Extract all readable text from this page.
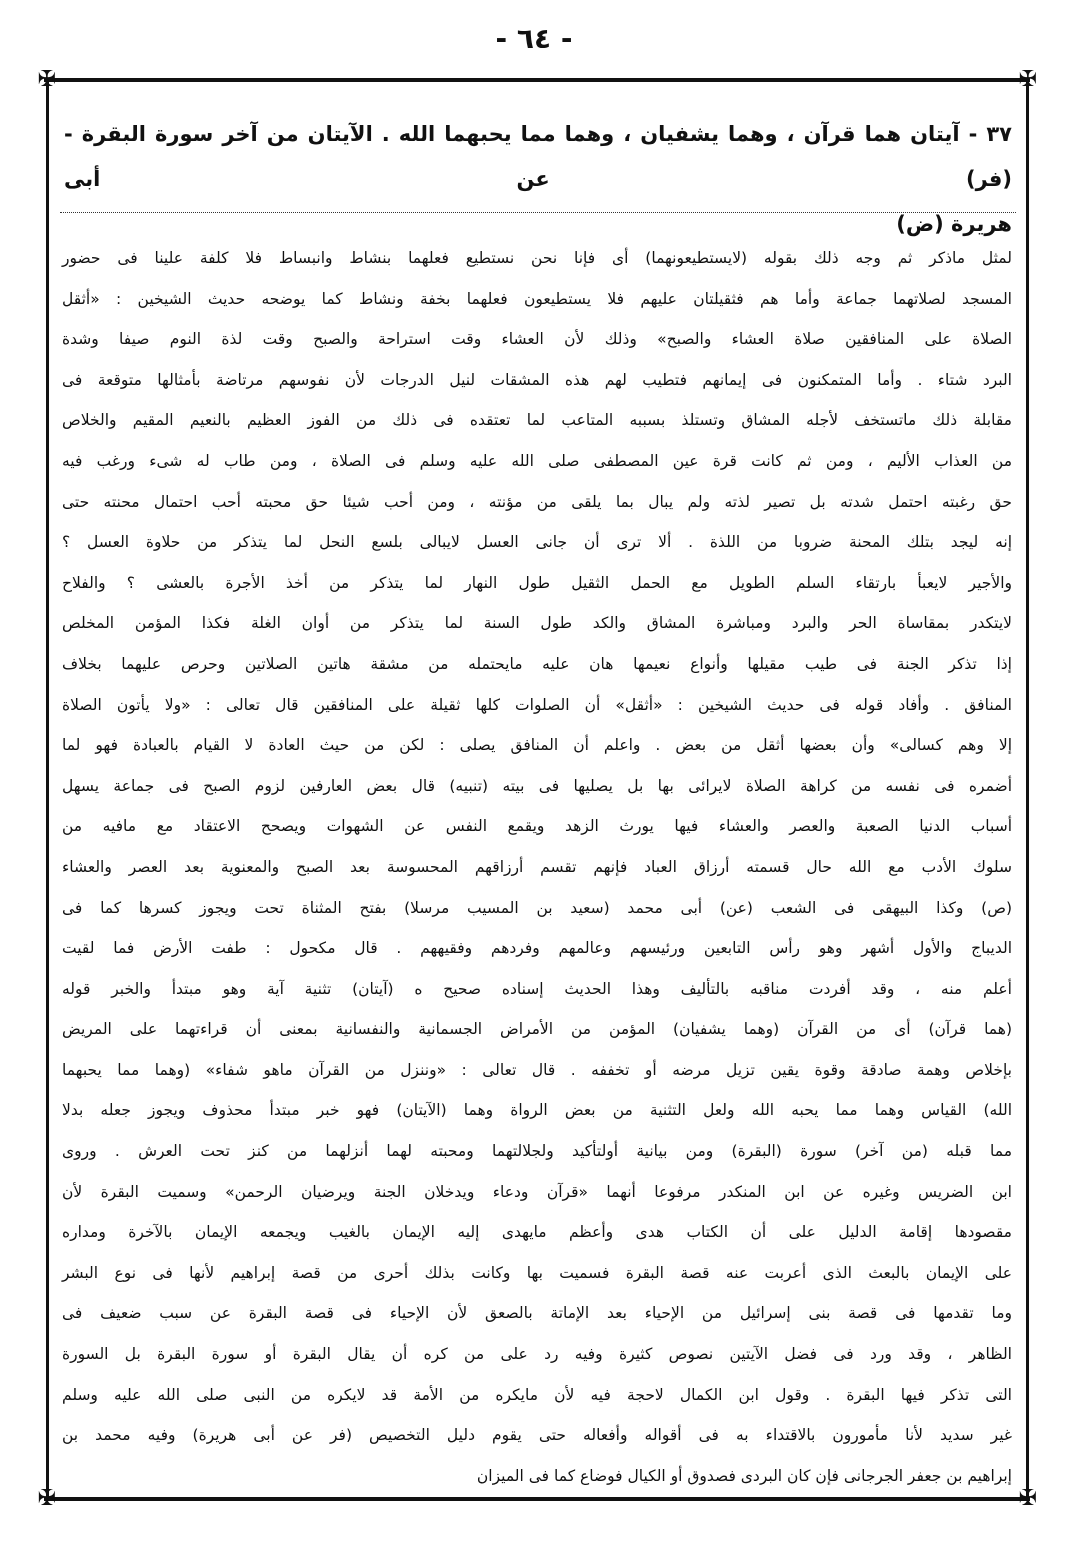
- ٦٤ -
✠	✠
✠	✠
٣٧ - آيتان هما قرآن ، وهما يشفيان ، وهما مما يحبهما الله . الآيتان من آخر سورة البقرة - (فر) عن أبى
هريرة (ض)
لمثل ماذكر ثم وجه ذلك بقوله (لايستطيعونهما) أى فإنا نحن نستطيع فعلهما بنشاط وانبساط فلا كلفة علينا فى حضور
المسجد لصلاتهما جماعة وأما هم فثقيلتان عليهم فلا يستطيعون فعلهما بخفة ونشاط كما يوضحه حديث الشيخين : «أثقل
الصلاة على المنافقين صلاة العشاء والصبح» وذلك لأن العشاء وقت استراحة والصبح وقت لذة النوم صيفا وشدة
البرد شتاء . وأما المتمكنون فى إيمانهم فتطيب لهم هذه المشقات لنيل الدرجات لأن نفوسهم مرتاضة بأمثالها متوقعة فى
مقابلة ذلك ماتستخف لأجله المشاق وتستلذ بسببه المتاعب لما تعتقده فى ذلك من الفوز العظيم بالنعيم المقيم والخلاص
من العذاب الأليم ، ومن ثم كانت قرة عين المصطفى صلى الله عليه وسلم فى الصلاة ، ومن طاب له شىء ورغب فيه
حق رغبته احتمل شدته بل تصير لذته ولم يبال بما يلقى من مؤنته ، ومن أحب شيئا حق محبته أحب احتمال محنته حتى
إنه ليجد بتلك المحنة ضروبا من اللذة . ألا ترى أن جانى العسل لايبالى بلسع النحل لما يتذكر من حلاوة العسل ؟
والأجير لايعبأ بارتقاء السلم الطويل مع الحمل الثقيل طول النهار لما يتذكر من أخذ الأجرة بالعشى ؟ والفلاح
لايتكدر بمقاساة الحر والبرد ومباشرة المشاق والكد طول السنة لما يتذكر من أوان الغلة فكذا المؤمن المخلص
إذا تذكر الجنة فى طيب مقيلها وأنواع نعيمها هان عليه مايحتمله من مشقة هاتين الصلاتين وحرص عليهما بخلاف
المنافق . وأفاد قوله فى حديث الشيخين : «أثقل» أن الصلوات كلها ثقيلة على المنافقين قال تعالى : «ولا يأتون الصلاة
إلا وهم كسالى» وأن بعضها أثقل من بعض . واعلم أن المنافق يصلى : لكن من حيث العادة لا القيام بالعبادة فهو لما
أضمره فى نفسه من كراهة الصلاة لايرائى بها بل يصليها فى بيته (تنبيه) قال بعض العارفين لزوم الصبح فى جماعة يسهل
أسباب الدنيا الصعبة والعصر والعشاء فيها يورث الزهد ويقمع النفس عن الشهوات ويصحح الاعتقاد مع مافيه من
سلوك الأدب مع الله حال قسمته أرزاق العباد فإنهم تقسم أرزاقهم المحسوسة بعد الصبح والمعنوية بعد العصر والعشاء
(ص) وكذا البيهقى فى الشعب (عن) أبى محمد (سعيد بن المسيب مرسلا) بفتح المثناة تحت ويجوز كسرها كما فى
الديباج والأول أشهر وهو رأس التابعين ورئيسهم وعالمهم وفردهم وفقيههم . قال مكحول : طفت الأرض فما لقيت
أعلم منه ، وقد أفردت مناقبه بالتأليف وهذا الحديث إسناده صحيح ه (آيتان) تثنية آية وهو مبتدأ والخبر قوله
(هما قرآن) أى من القرآن (وهما يشفيان) المؤمن من الأمراض الجسمانية والنفسانية بمعنى أن قراءتهما على المريض
بإخلاص وهمة صادقة وقوة يقين تزيل مرضه أو تخففه . قال تعالى : «وننزل من القرآن ماهو شفاء» (وهما مما يحبهما
الله) القياس وهما مما يحبه الله ولعل التثنية من بعض الرواة وهما (الآيتان) فهو خبر مبتدأ محذوف ويجوز جعله بدلا
مما قبله (من آخر) سورة (البقرة) ومن بيانية أولتأكيد ولجلالتهما ومحبته لهما أنزلهما من كنز تحت العرش . وروى
ابن الضريس وغيره عن ابن المنكدر مرفوعا أنهما «قرآن ودعاء ويدخلان الجنة ويرضيان الرحمن» وسميت البقرة لأن
مقصودها إقامة الدليل على أن الكتاب هدى وأعظم مايهدى إليه الإيمان بالغيب ويجمعه الإيمان بالآخرة ومداره
على الإيمان بالبعث الذى أعربت عنه قصة البقرة فسميت بها وكانت بذلك أحرى من قصة إبراهيم لأنها فى نوع البشر
وما تقدمها فى قصة بنى إسرائيل من الإحياء بعد الإماتة بالصعق لأن الإحياء فى قصة البقرة عن سبب ضعيف فى
الظاهر ، وقد ورد فى فضل الآيتين نصوص كثيرة وفيه رد على من كره أن يقال البقرة أو سورة البقرة بل السورة
التى تذكر فيها البقرة . وقول ابن الكمال لاحجة فيه لأن مايكره من الأمة قد لايكره من النبى صلى الله عليه وسلم
غير سديد لأنا مأمورون بالاقتداء به فى أقواله وأفعاله حتى يقوم دليل التخصيص (فر عن أبى هريرة) وفيه محمد بن
إبراهيم بن جعفر الجرجانى فإن كان البردى فصدوق أو الكيال فوضاع كما فى الميزان
